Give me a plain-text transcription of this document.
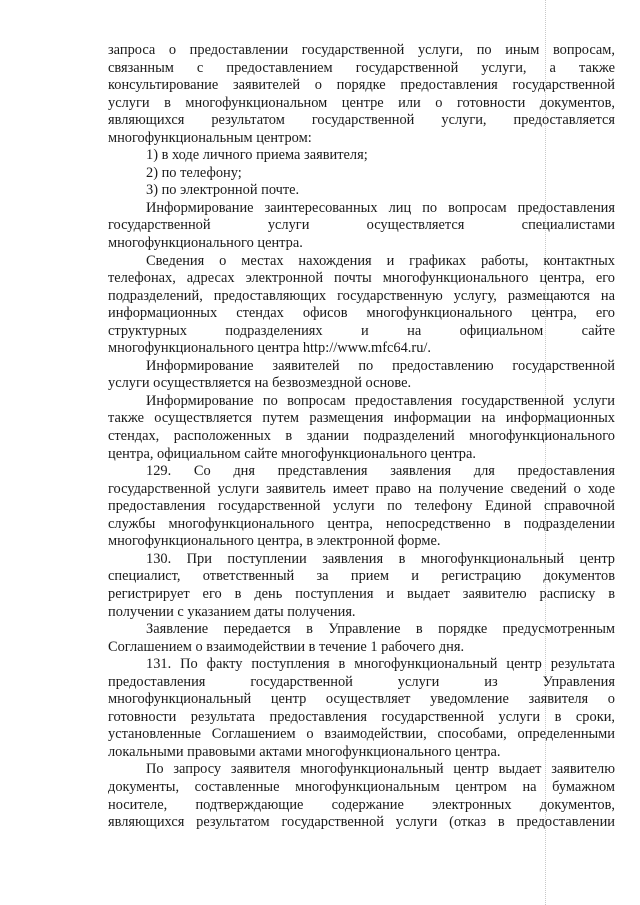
запроса о предоставлении государственной услуги, по иным вопросам,
связанным с предоставлением государственной услуги, а также
консультирование заявителей о порядке предоставления государственной
услуги в многофункциональном центре или о готовности документов,
являющихся результатом государственной услуги, предоставляется
многофункциональным центром:
1) в ходе личного приема заявителя;
2) по телефону;
3) по электронной почте.
Информирование заинтересованных лиц по вопросам предоставления
государственной услуги осуществляется специалистами
многофункционального центра.
Сведения о местах нахождения и графиках работы, контактных
телефонах, адресах электронной почты многофункционального центра, его
подразделений, предоставляющих государственную услугу, размещаются на
информационных стендах офисов многофункционального центра, его
структурных подразделениях и на официальном сайте
многофункционального центра http://www.mfc64.ru/.
Информирование заявителей по предоставлению государственной
услуги осуществляется на безвозмездной основе.
Информирование по вопросам предоставления государственной услуги
также осуществляется путем размещения информации на информационных
стендах, расположенных в здании подразделений многофункционального
центра, официальном сайте многофункционального центра.
129. Со дня представления заявления для предоставления
государственной услуги заявитель имеет право на получение сведений о ходе
предоставления государственной услуги по телефону Единой справочной
службы многофункционального центра, непосредственно в подразделении
многофункционального центра, в электронной форме.
130. При поступлении заявления в многофункциональный центр
специалист, ответственный за прием и регистрацию документов
регистрирует его в день поступления и выдает заявителю расписку в
получении с указанием даты получения.
Заявление передается в Управление в порядке предусмотренным
Соглашением о взаимодействии в течение 1 рабочего дня.
131. По факту поступления в многофункциональный центр результата
предоставления государственной услуги из Управления
многофункциональный центр осуществляет уведомление заявителя о
готовности результата предоставления государственной услуги в сроки,
установленные Соглашением о взаимодействии, способами, определенными
локальными правовыми актами многофункционального центра.
По запросу заявителя многофункциональный центр выдает заявителю
документы, составленные многофункциональным центром на бумажном
носителе, подтверждающие содержание электронных документов,
являющихся результатом государственной услуги (отказ в предоставлении
